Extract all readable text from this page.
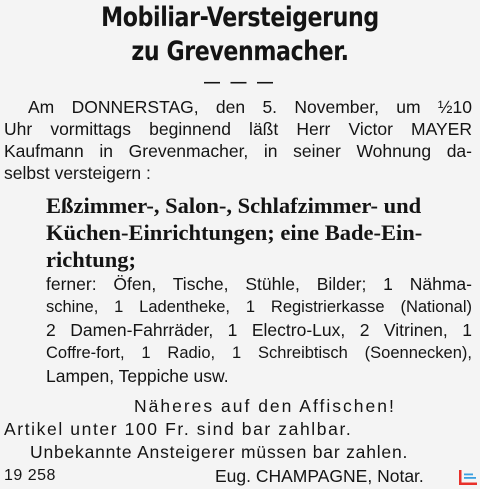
Mobiliar-Versteigerung
zu Grevenmacher.
— — —
Am DONNERSTAG, den 5. November, um ½10
Uhr vormittags beginnend läßt Herr Victor MAYER
Kaufmann in Grevenmacher, in seiner Wohnung da-
selbst versteigern :
Eßzimmer-, Salon-, Schlafzimmer- und
Küchen-Einrichtungen; eine Bade-Ein-
richtung;
ferner: Öfen, Tische, Stühle, Bilder; 1 Nähma-
schine, 1 Ladentheke, 1 Registrierkasse (National)
2 Damen-Fahrräder, 1 Electro-Lux, 2 Vitrinen, 1
Coffre-fort, 1 Radio, 1 Schreibtisch (Soennecken),
Lampen, Teppiche usw.
Näheres auf den Affischen!
Artikel unter 100 Fr. sind bar zahlbar.
Unbekannte Ansteigerer müssen bar zahlen.
19 258	Eug. CHAMPAGNE, Notar.
